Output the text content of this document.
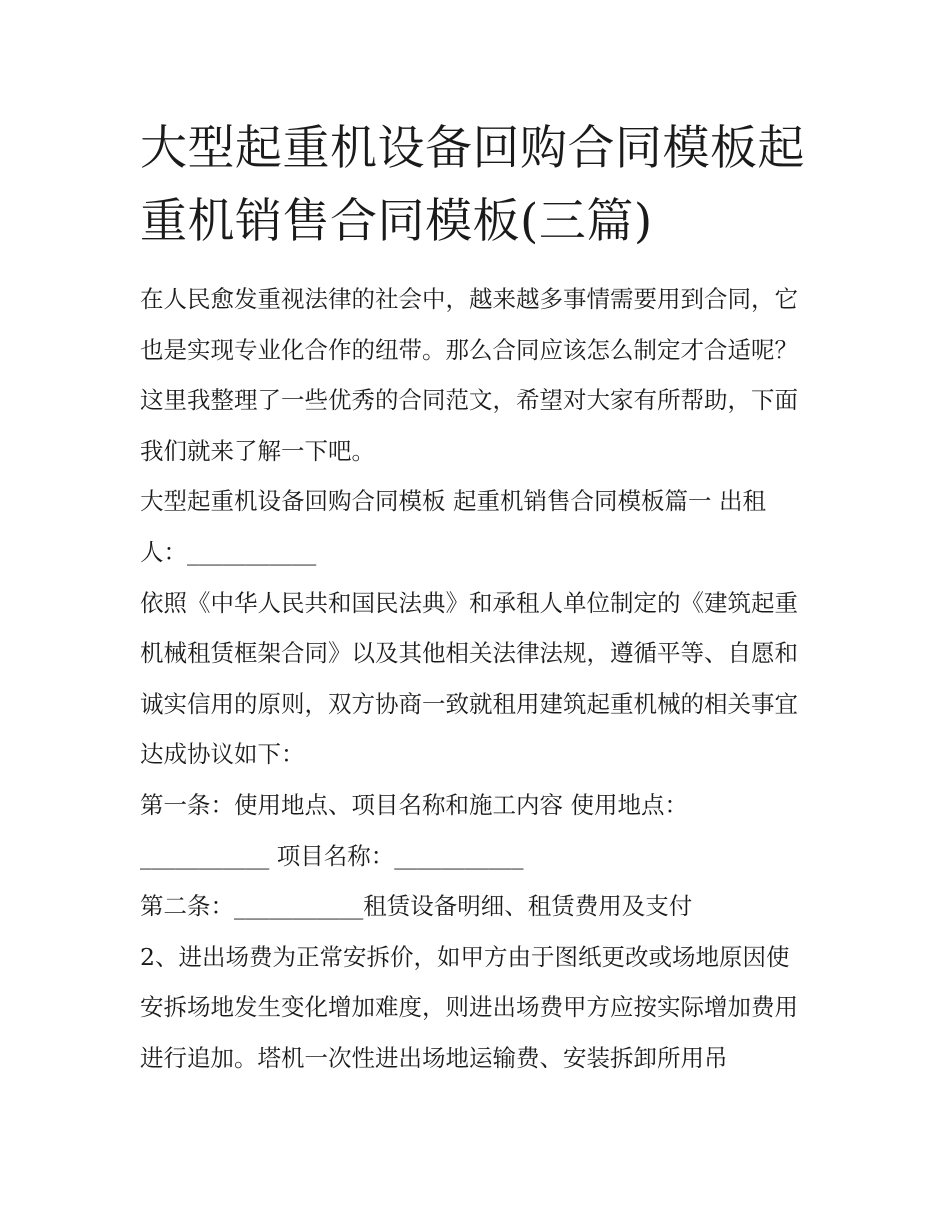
大型起重机设备回购合同模板起重机销售合同模板(三篇)

在人民愈发重视法律的社会中，越来越多事情需要用到合同，它也是实现专业化合作的纽带。那么合同应该怎么制定才合适呢？这里我整理了一些优秀的合同范文，希望对大家有所帮助，下面我们就来了解一下吧。

大型起重机设备回购合同模板 起重机销售合同模板篇一 出租人：___________

依照《中华人民共和国民法典》和承租人单位制定的《建筑起重机械租赁框架合同》以及其他相关法律法规，遵循平等、自愿和诚实信用的原则，双方协商一致就租用建筑起重机械的相关事宜达成协议如下：

第一条：使用地点、项目名称和施工内容 使用地点：___________ 项目名称：___________

第二条：___________租赁设备明细、租赁费用及支付

2、进出场费为正常安拆价，如甲方由于图纸更改或场地原因使安拆场地发生变化增加难度，则进出场费甲方应按实际增加费用进行追加。塔机一次性进出场地运输费、安装拆卸所用吊
